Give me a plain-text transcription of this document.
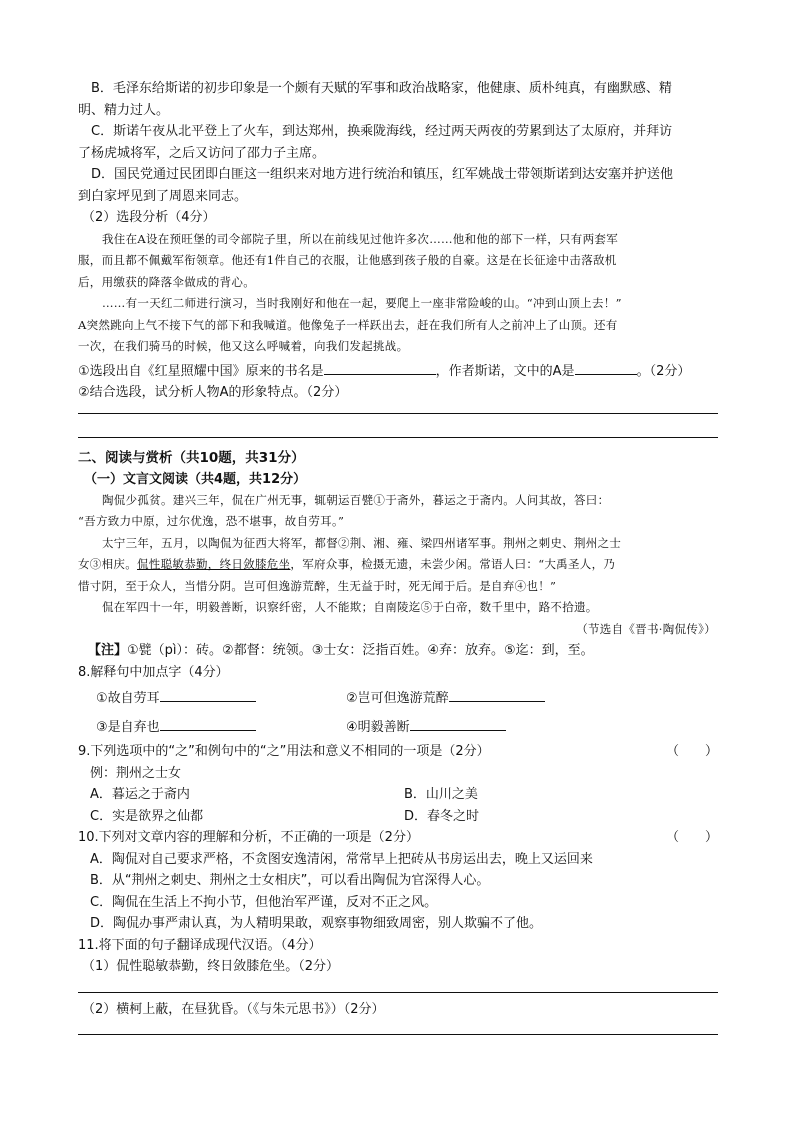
B．毛泽东给斯诺的初步印象是一个颇有天赋的军事和政治战略家，他健康、质朴纯真，有幽默感、精
明、精力过人。
C．斯诺午夜从北平登上了火车，到达郑州，换乘陇海线，经过两天两夜的劳累到达了太原府，并拜访
了杨虎城将军，之后又访问了邵力子主席。
D．国民党通过民团即白匪这一组织来对地方进行统治和镇压，红军姚战士带领斯诺到达安塞并护送他
到白家坪见到了周恩来同志。
（2）选段分析（4分）
我住在A设在预旺堡的司令部院子里，所以在前线见过他许多次……他和他的部下一样，只有两套军
服，而且都不佩戴军衔领章。他还有1件自己的衣服，让他感到孩子般的自豪。这是在长征途中击落敌机
后，用缴获的降落伞做成的背心。
……有一天红二师进行演习，当时我刚好和他在一起，要爬上一座非常险峻的山。“冲到山顶上去！”
A突然跳向上气不接下气的部下和我喊道。他像兔子一样跃出去，赶在我们所有人之前冲上了山顶。还有
一次，在我们骑马的时候，他又这么呼喊着，向我们发起挑战。
①选段出自《红星照耀中国》原来的书名是	，作者斯诺，文中的A是	。（2分）
②结合选段，试分析人物A的形象特点。（2分）
二、阅读与赏析（共10题，共31分）
（一）文言文阅读（共4题，共12分）
陶侃少孤贫。建兴三年，侃在广州无事，辄朝运百甓①于斋外，暮运之于斋内。人问其故，答曰：
“吾方致力中原，过尔优逸，恐不堪事，故自劳耳。”
太宁三年，五月，以陶侃为征西大将军，都督②荆、湘、雍、梁四州诸军事。荆州之刺史、荆州之士
女③相庆。侃性聪敏恭勤，终日敛膝危坐，军府众事，检摄无遗，未尝少闲。常语人曰：“大禹圣人，乃
惜寸阴，至于众人，当惜分阴。岂可但逸游荒醉，生无益于时，死无闻于后。是自弃④也！”
侃在军四十一年，明毅善断，识察纤密，人不能欺；自南陵迄⑤于白帝，数千里中，路不拾遗。
（节选自《晋书·陶侃传》）
【注】①甓（pì）：砖。②都督：统领。③士女：泛指百姓。④弃：放弃。⑤迄：到，至。
8.解释句中加点字（4分）
①故自劳耳	②岂可但逸游荒醉
③是自弃也	④明毅善断
9.下列选项中的“之”和例句中的“之”用法和意义不相同的一项是（2分）	（　　）
例：荆州之士女
A．暮运之于斋内	B．山川之美
C．实是欲界之仙都	D．春冬之时
10.下列对文章内容的理解和分析，不正确的一项是（2分）	（　　）
A．陶侃对自己要求严格，不贪图安逸清闲，常常早上把砖从书房运出去，晚上又运回来
B．从“荆州之刺史、荆州之士女相庆”，可以看出陶侃为官深得人心。
C．陶侃在生活上不拘小节，但他治军严谨，反对不正之风。
D．陶侃办事严肃认真，为人精明果敢，观察事物细致周密，别人欺骗不了他。
11.将下面的句子翻译成现代汉语。（4分）
（1）侃性聪敏恭勤，终日敛膝危坐。（2分）
（2）横柯上蔽，在昼犹昏。（《与朱元思书》）（2分）
